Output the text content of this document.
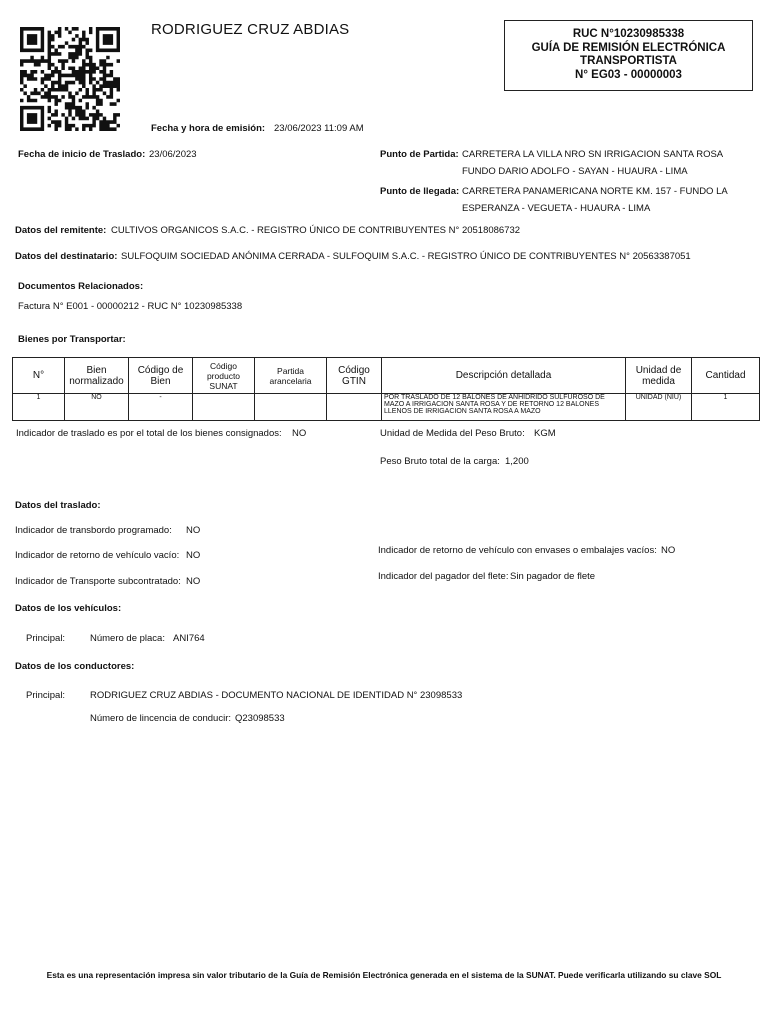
RODRIGUEZ CRUZ ABDIAS	RUC N°10230985338
GUÍA DE REMISIÓN ELECTRÓNICA
TRANSPORTISTA
N° EG03 - 00000003
Fecha y hora de emisión: 23/06/2023 11:09 AM
Fecha de inicio de Traslado: 23/06/2023	Punto de Partida: CARRETERA LA VILLA NRO SN IRRIGACION SANTA ROSA
FUNDO DARIO ADOLFO - SAYAN - HUAURA - LIMA
Punto de llegada: CARRETERA PANAMERICANA NORTE KM. 157 - FUNDO LA
ESPERANZA - VEGUETA - HUAURA - LIMA
Datos del remitente: CULTIVOS ORGANICOS S.A.C. - REGISTRO ÚNICO DE CONTRIBUYENTES N° 20518086732
Datos del destinatario: SULFOQUIM SOCIEDAD ANÓNIMA CERRADA - SULFOQUIM S.A.C. - REGISTRO ÚNICO DE CONTRIBUYENTES N° 20563387051
Documentos Relacionados:
Factura N° E001 - 00000212 - RUC N° 10230985338
Bienes por Transportar:
N°	Bien normalizado	Código de Bien	Código producto SUNAT	Partida arancelaria	Código GTIN	Descripción detallada	Unidad de medida	Cantidad
1	NO	-				POR TRASLADO DE 12 BALONES DE ANHIDRIDO SULFUROSO DE MAZO A IRRIGACION SANTA ROSA Y DE RETORNO 12 BALONES LLENOS DE IRRIGACION SANTA ROSA A MAZO	UNIDAD (NIU)	1
Indicador de traslado es por el total de los bienes consignados: NO	Unidad de Medida del Peso Bruto: KGM
Peso Bruto total de la carga: 1,200
Datos del traslado:
Indicador de transbordo programado: NO
Indicador de retorno de vehículo vacío: NO
Indicador de Transporte subcontratado: NO
Indicador de retorno de vehículo con envases o embalajes vacíos: NO
Indicador del pagador del flete: Sin pagador de flete
Datos de los vehículos:
Principal:	Número de placa: ANI764
Datos de los conductores:
Principal:	RODRIGUEZ CRUZ ABDIAS - DOCUMENTO NACIONAL DE IDENTIDAD N° 23098533
Número de lincencia de conducir: Q23098533
Esta es una representación impresa sin valor tributario de la Guía de Remisión Electrónica generada en el sistema de la SUNAT. Puede verificarla utilizando su clave SOL
